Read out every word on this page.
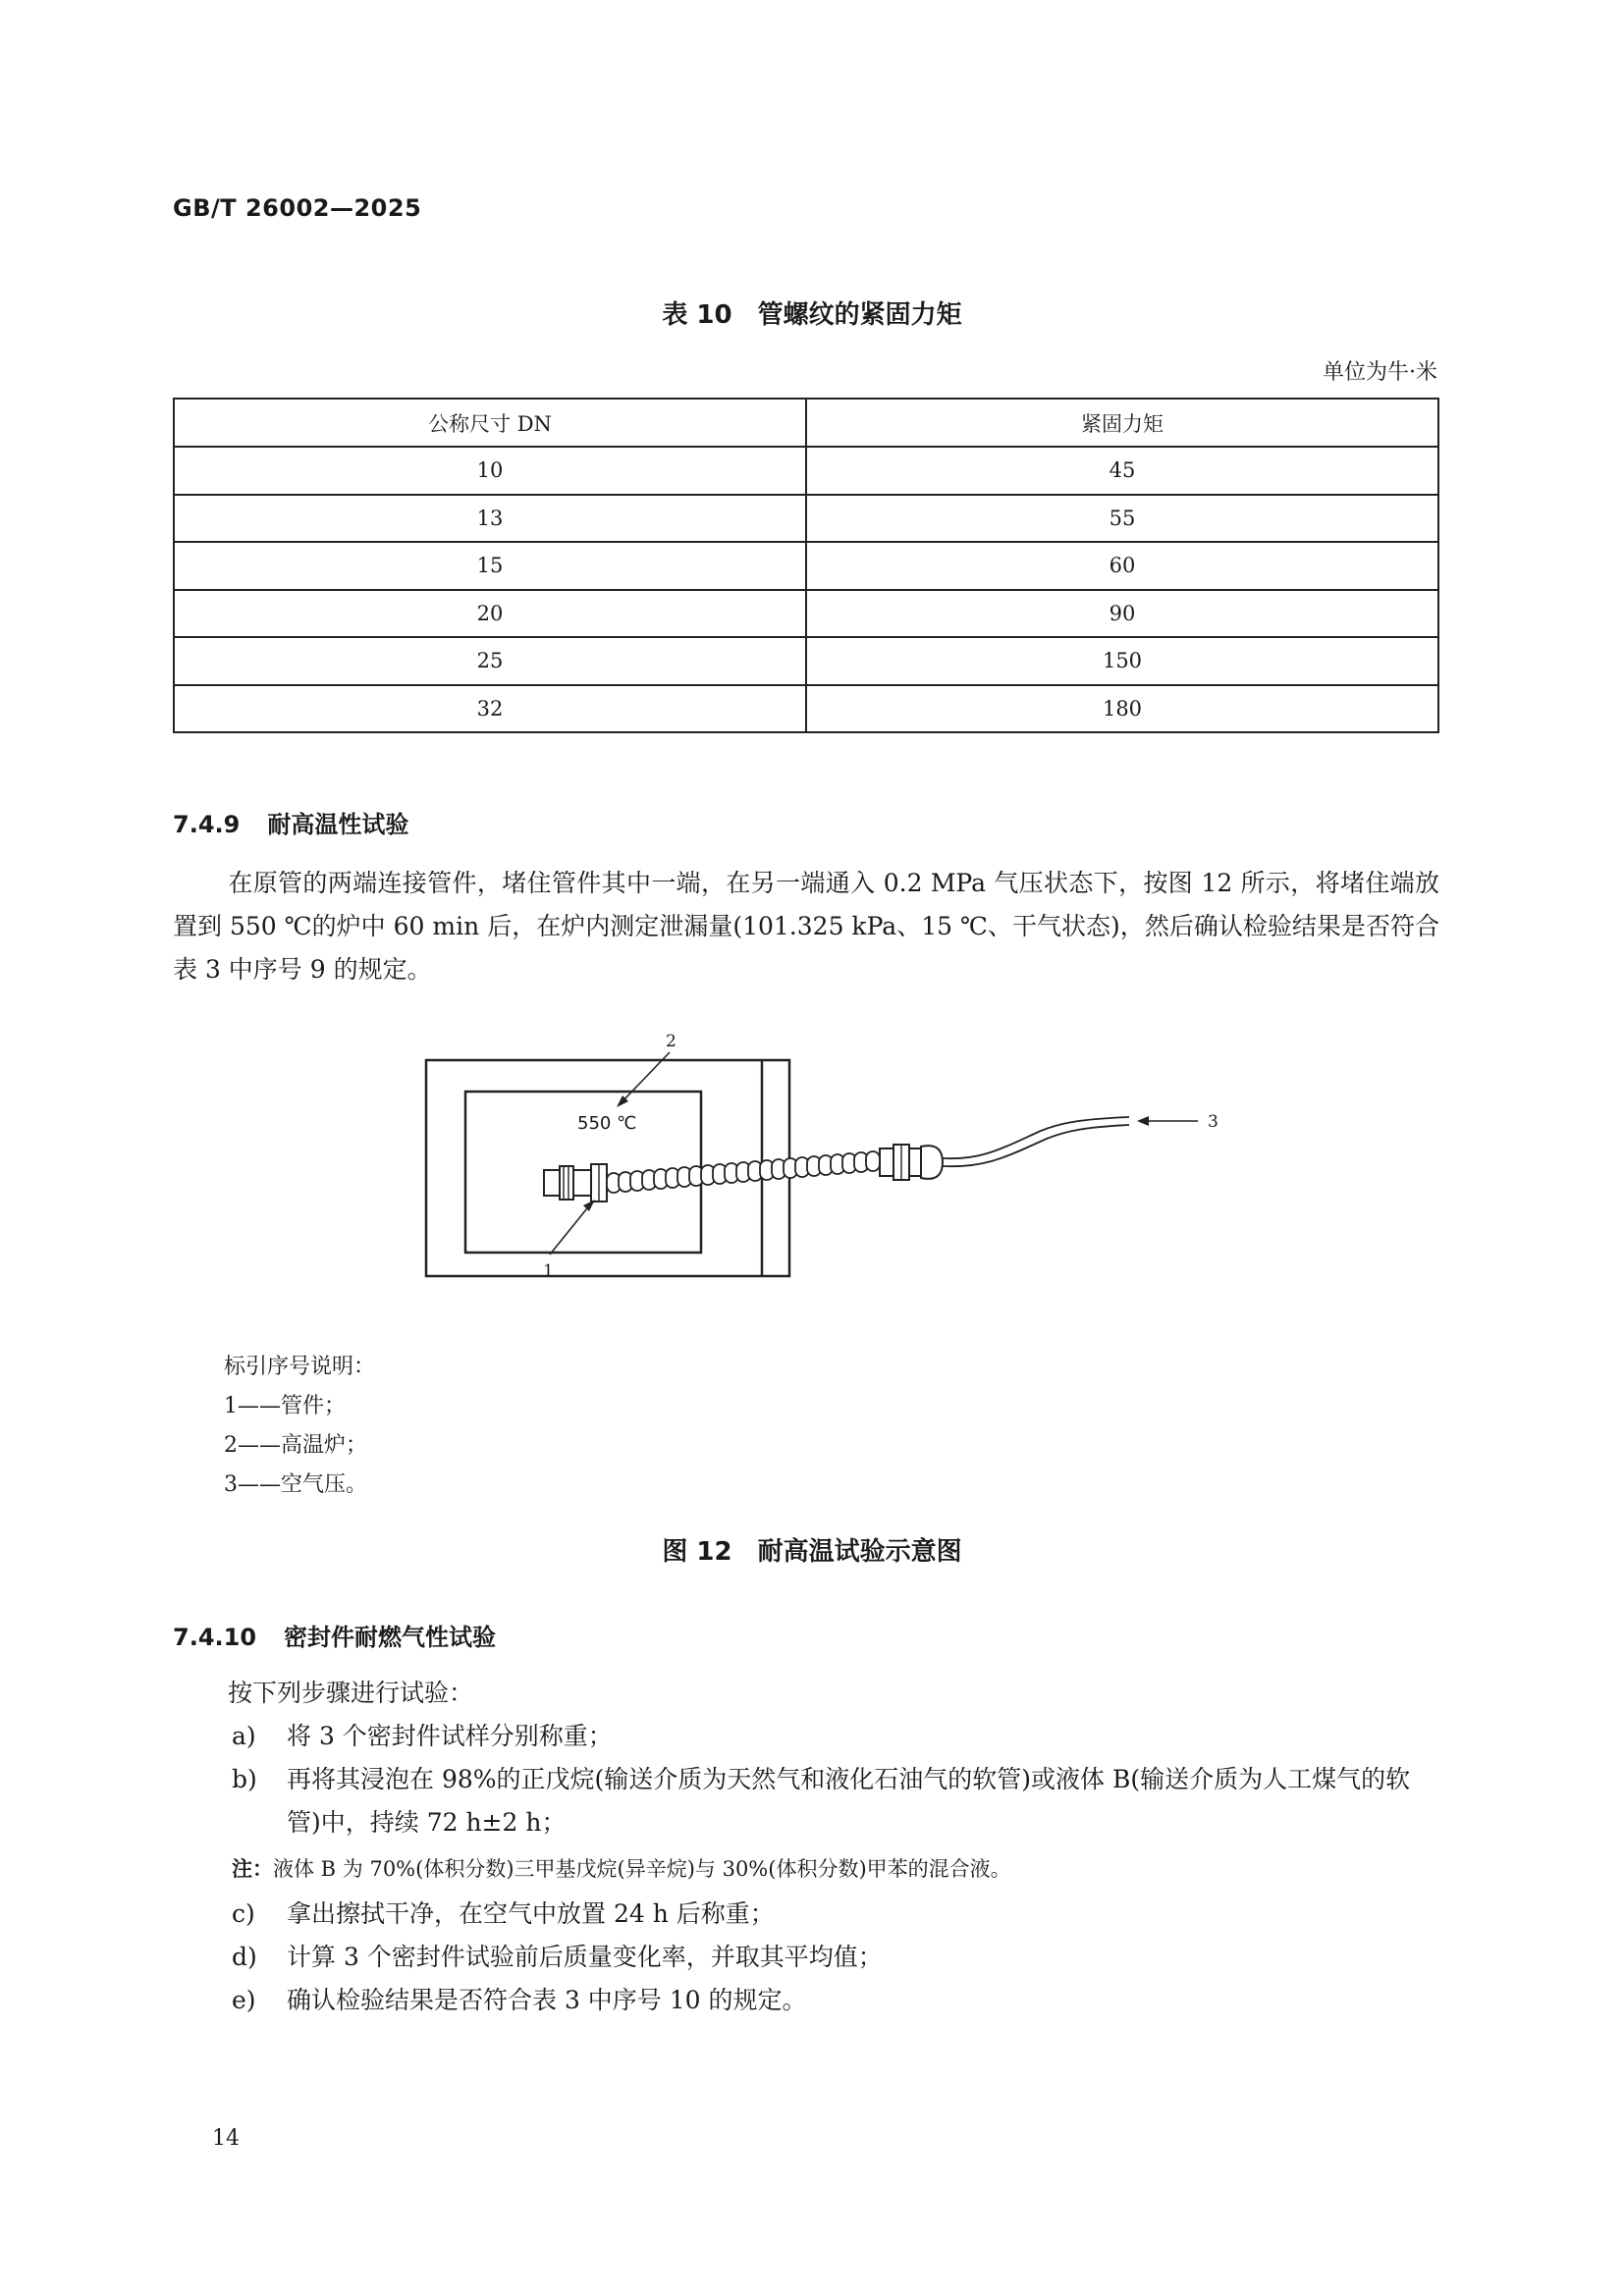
GB/T 26002—2025
表 10　管螺纹的紧固力矩
单位为牛·米
公称尺寸 DN	紧固力矩
10	45
13	55
15	60
20	90
25	150
32	180
7.4.9 耐高温性试验
在原管的两端连接管件，堵住管件其中一端，在另一端通入 0.2 MPa 气压状态下，按图 12 所示，将堵住端放置到 550 ℃的炉中 60 min 后，在炉内测定泄漏量(101.325 kPa、15 ℃、干气状态)，然后确认检验结果是否符合表 3 中序号 9 的规定。
550 ℃
2
3
1
标引序号说明：
1——管件；
2——高温炉；
3——空气压。
图 12　耐高温试验示意图
7.4.10 密封件耐燃气性试验
按下列步骤进行试验：
a) 将 3 个密封件试样分别称重；
b) 再将其浸泡在 98%的正戊烷(输送介质为天然气和液化石油气的软管)或液体 B(输送介质为人工煤气的软管)中，持续 72 h±2 h；
注：液体 B 为 70%(体积分数)三甲基戊烷(异辛烷)与 30%(体积分数)甲苯的混合液。
c) 拿出擦拭干净，在空气中放置 24 h 后称重；
d) 计算 3 个密封件试验前后质量变化率，并取其平均值；
e) 确认检验结果是否符合表 3 中序号 10 的规定。
14
